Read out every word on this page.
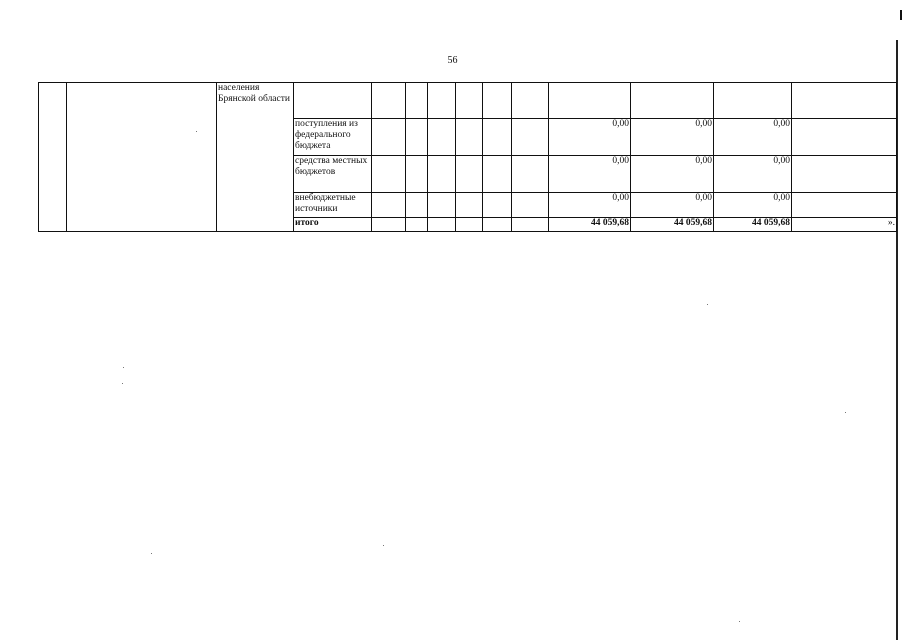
56
		населения Брянской области											
			поступления из федерального бюджета							0,00	0,00	0,00	
			средства местных бюджетов							0,00	0,00	0,00	
			внебюджетные источники							0,00	0,00	0,00	
			итого							44 059,68	44 059,68	44 059,68	».
